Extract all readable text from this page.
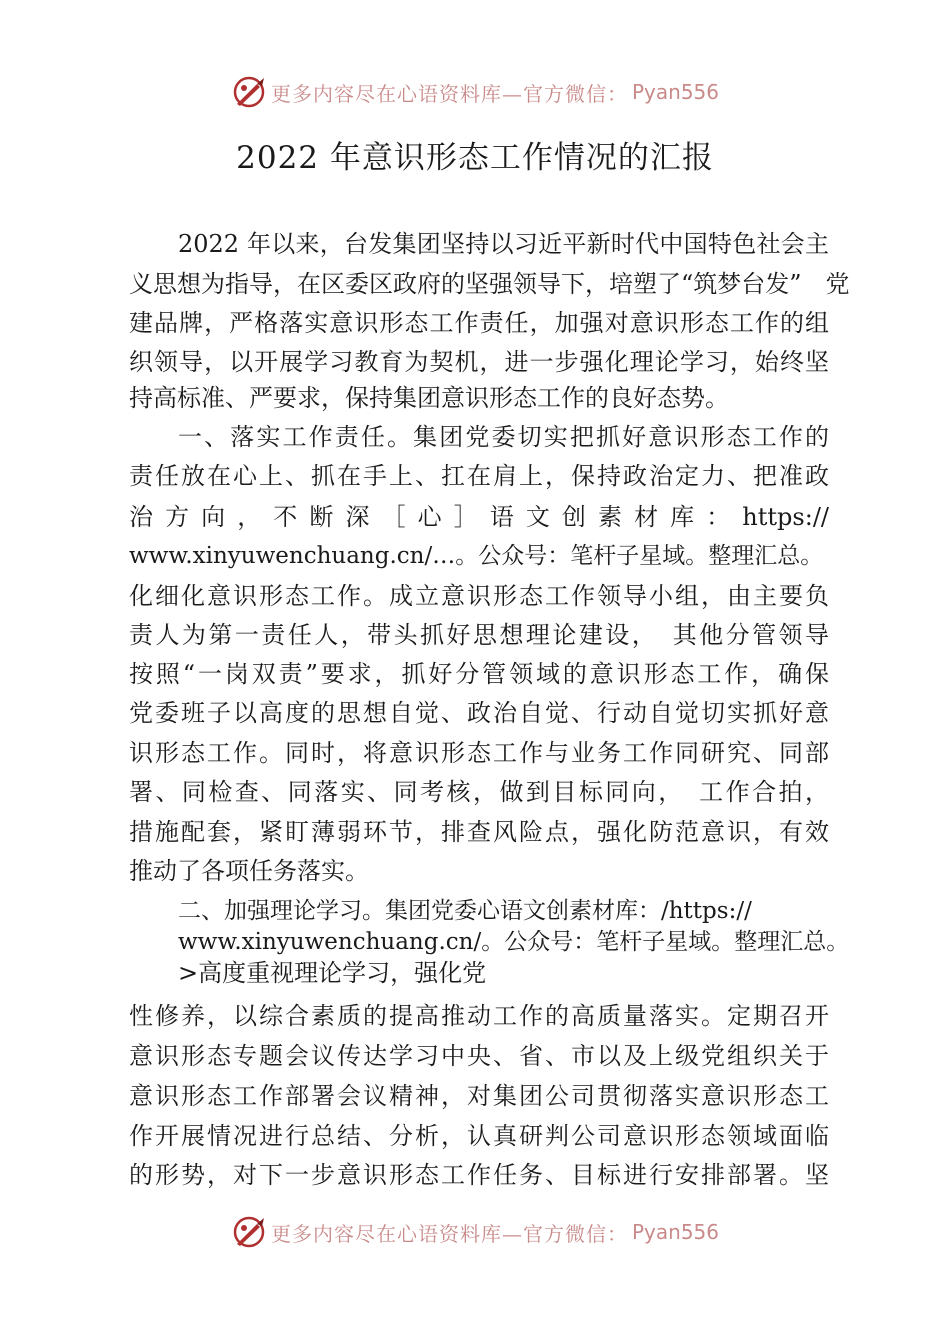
更多内容尽在心语资料库—官方微信： Pyan556
2022 年意识形态工作情况的汇报
2022 年以来，台发集团坚持以习近平新时代中国特色社会主
义思想为指导，在区委区政府的坚强领导下，培塑了“筑梦台发”　党
建品牌，严格落实意识形态工作责任，加强对意识形态工作的组
织领导，以开展学习教育为契机，进一步强化理论学习，始终坚
持高标准、严要求，保持集团意识形态工作的良好态势。
一、落实工作责任。集团党委切实把抓好意识形态工作的
责任放在心上、抓在手上、扛在肩上，保持政治定力、把准政
治方向，不断深［心］语文创素材库：https://
www.xinyuwenchuang.cn/…。公众号：笔杆子星域。整理汇总。
化细化意识形态工作。成立意识形态工作领导小组，由主要负
责人为第一责任人，带头抓好思想理论建设，　其他分管领导
按照“一岗双责”要求，抓好分管领域的意识形态工作，确保
党委班子以高度的思想自觉、政治自觉、行动自觉切实抓好意
识形态工作。同时，将意识形态工作与业务工作同研究、同部
署、同检查、同落实、同考核，做到目标同向，　工作合拍，
措施配套，紧盯薄弱环节，排查风险点，强化防范意识，有效
推动了各项任务落实。
二、加强理论学习。集团党委心语文创素材库：/https://
www.xinyuwenchuang.cn/。公众号：笔杆子星域。整理汇总。
>高度重视理论学习，强化党
性修养，以综合素质的提高推动工作的高质量落实。定期召开
意识形态专题会议传达学习中央、省、市以及上级党组织关于
意识形态工作部署会议精神，对集团公司贯彻落实意识形态工
作开展情况进行总结、分析，认真研判公司意识形态领域面临
的形势，对下一步意识形态工作任务、目标进行安排部署。坚
更多内容尽在心语资料库—官方微信： Pyan556
